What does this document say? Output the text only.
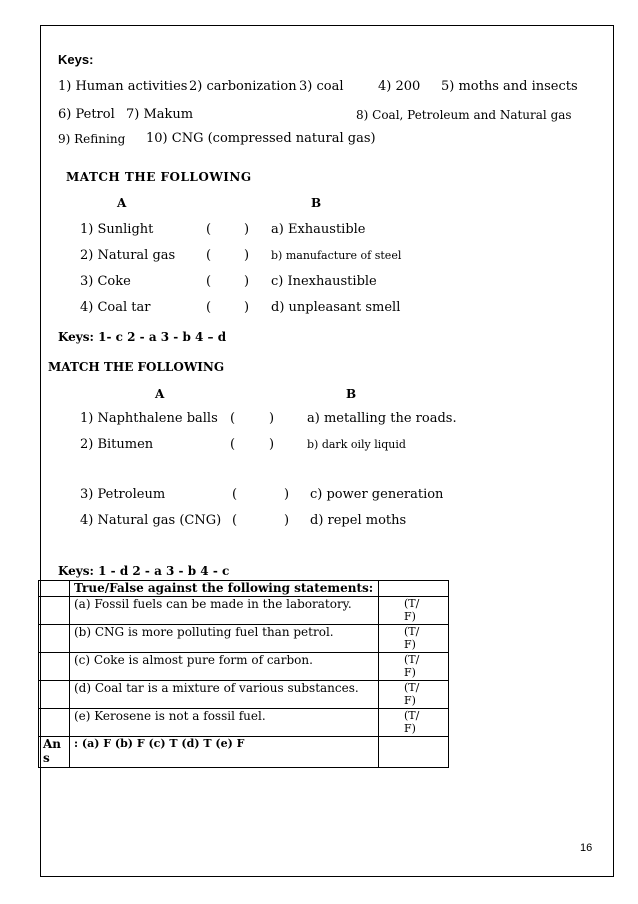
Keys:
1) Human activities 2) carbonization 3) coal	4) 200 5) moths and insects
6) Petrol 7) Makum	8) Coal, Petroleum and Natural gas
9) Refining 10) CNG (compressed natural gas)
MATCH THE FOLLOWING
A	B
1) Sunlight	(	) a) Exhaustible
2) Natural gas (	) b) manufacture of steel
3) Coke	(	) c) Inexhaustible
4) Coal tar	(	) d) unpleasant smell
Keys: 1- c 2 - a 3 - b 4 – d
MATCH THE FOLLOWING
A	B
1) Naphthalene balls (	)	a) metalling the roads.
2) Bitumen	(	)	b) dark oily liquid
3) Petroleum	(	) c) power generation
4) Natural gas (CNG) (	) d) repel moths
Keys: 1 - d 2 - a 3 - b 4 - c
	True/False against the following statements:	
	(a) Fossil fuels can be made in the laboratory.	(T/
F)

	(b) CNG is more polluting fuel than petrol.	(T/
F)

	(c) Coke is almost pure form of carbon.	(T/
F)

	(d) Coal tar is a mixture of various substances.	(T/
F)

	(e) Kerosene is not a fossil fuel.	(T/
F)

An
s	: (a) F (b) F (c) T (d) T (e) F	
16
